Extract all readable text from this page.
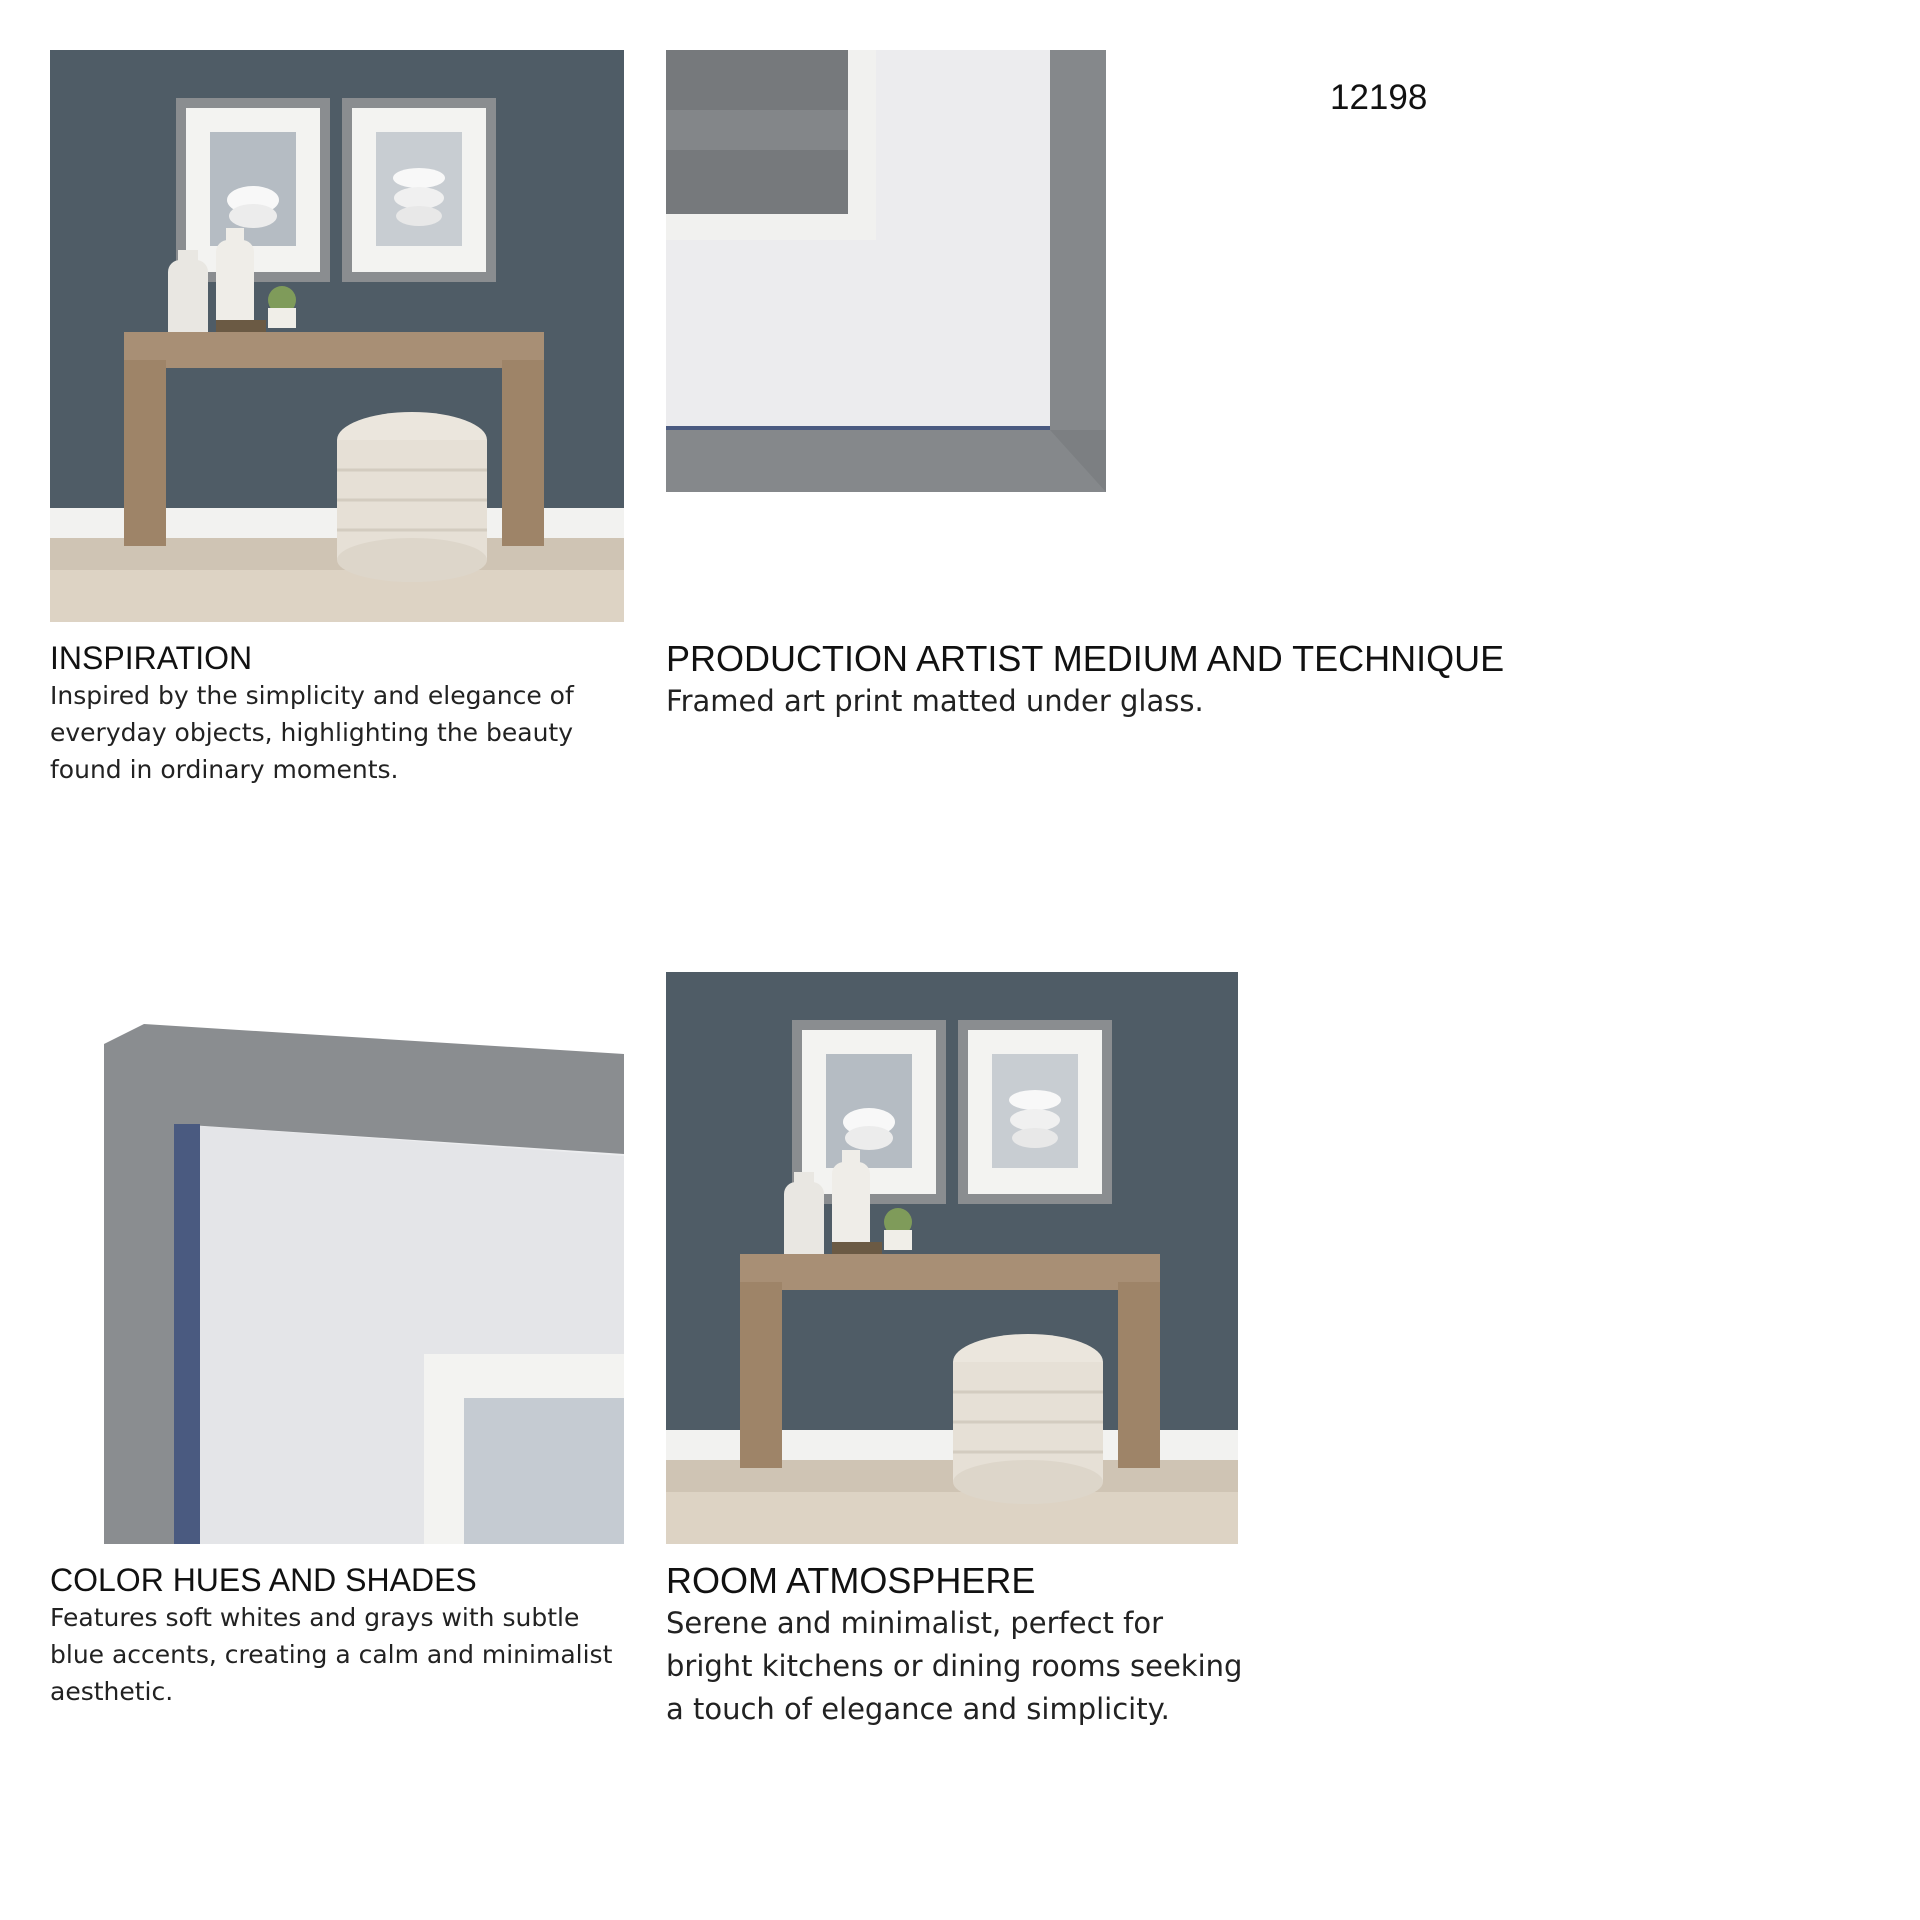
12198
INSPIRATION

Inspired by the simplicity and elegance of everyday objects, highlighting the beauty found in ordinary moments.

PRODUCTION ARTIST MEDIUM AND TECHNIQUE

Framed art print matted under glass.

COLOR HUES AND SHADES

Features soft whites and grays with subtle blue accents, creating a calm and minimalist aesthetic.

ROOM ATMOSPHERE

Serene and minimalist, perfect for bright kitchens or dining rooms seeking a touch of elegance and simplicity.
